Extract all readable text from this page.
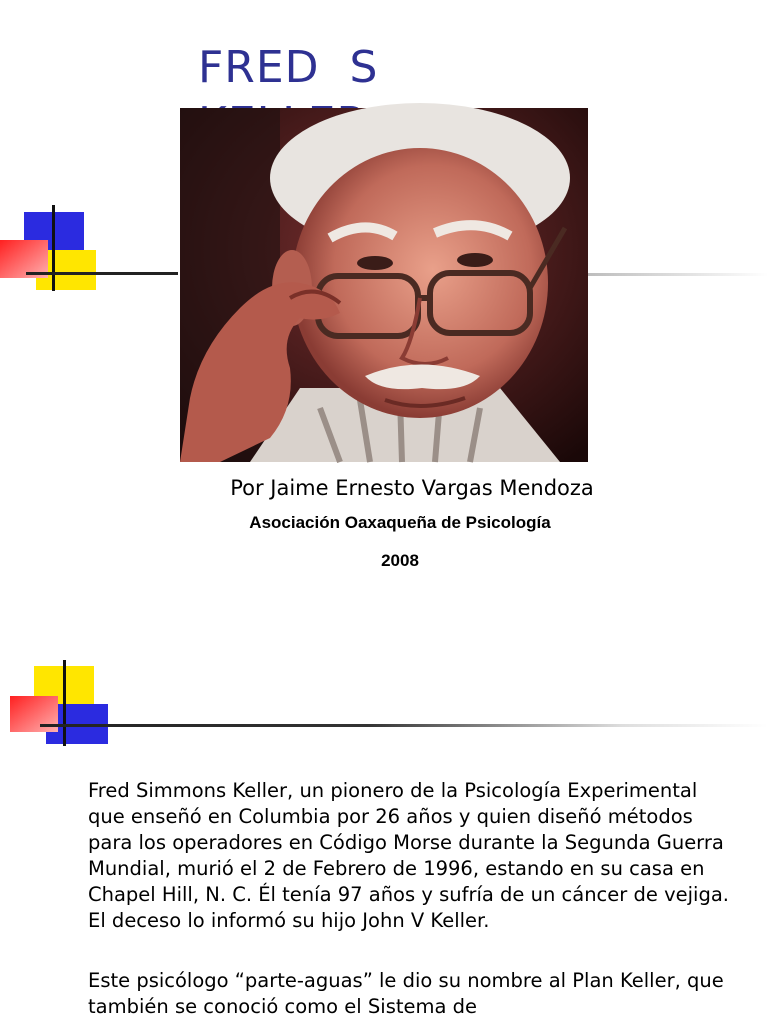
FRED  S

Por Jaime Ernesto Vargas Mendoza
Asociación Oaxaqueña de Psicología
2008

Fred Simmons Keller, un pionero de la Psicología Experimental que enseñó en Columbia por 26 años y quien diseñó métodos para los operadores en Código Morse durante la Segunda Guerra Mundial, murió el 2 de Febrero de 1996, estando en su casa en Chapel Hill, N. C. Él tenía 97 años y sufría de un cáncer de vejiga. El deceso lo informó su hijo John V Keller.

Este psicólogo “parte-aguas” le dio su nombre al Plan Keller, que también se conoció como el Sistema de
